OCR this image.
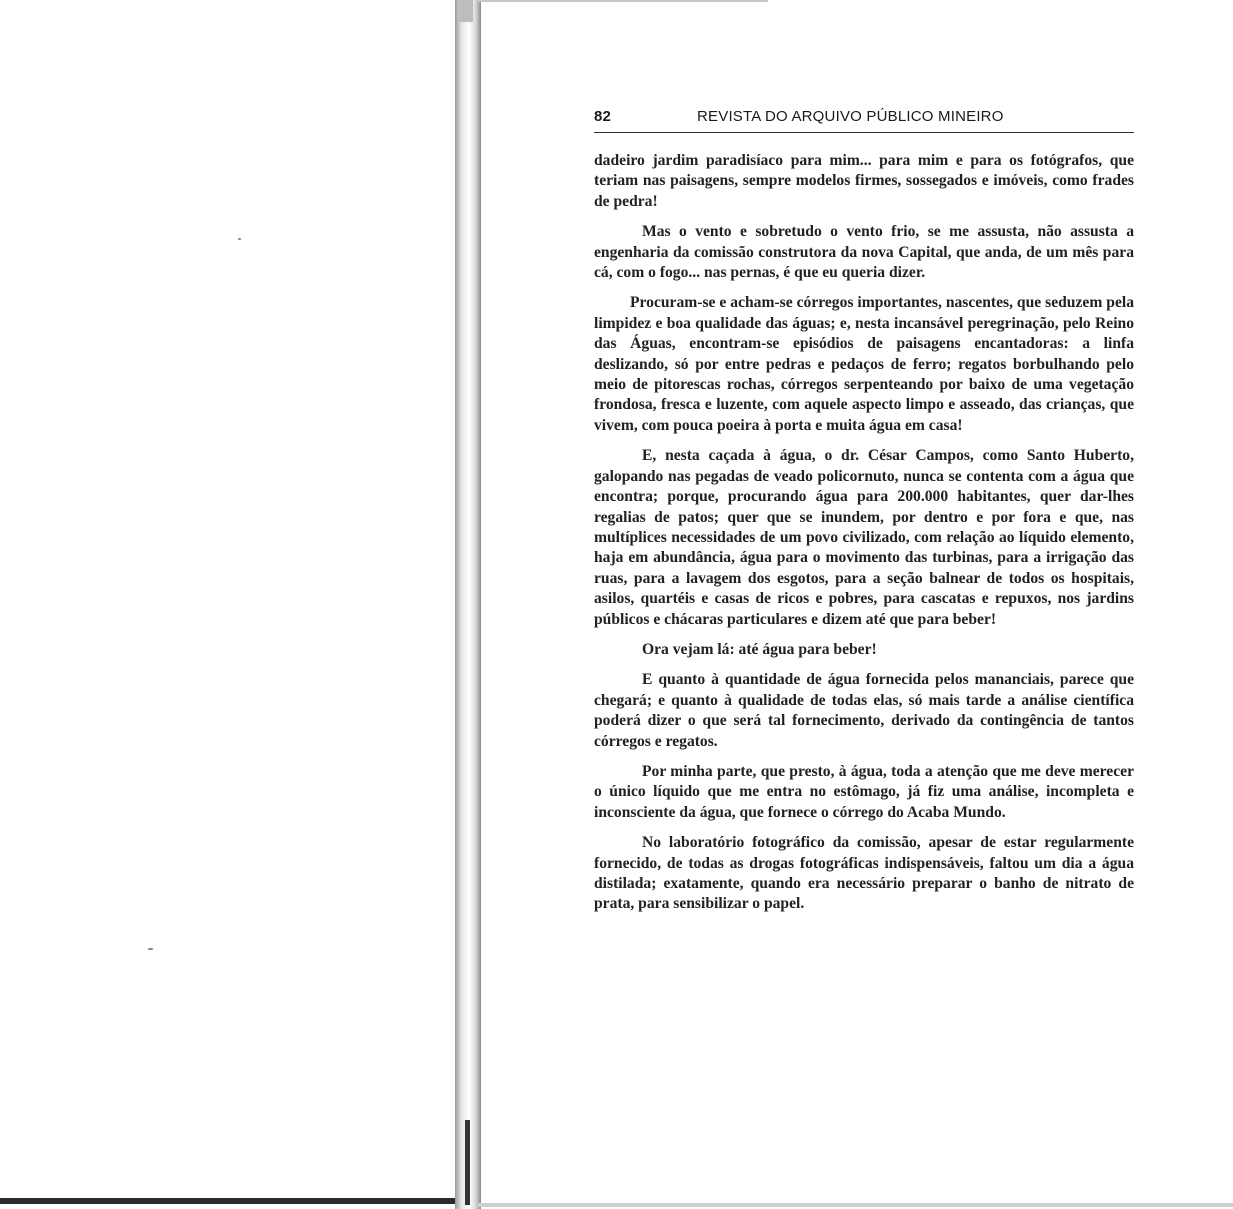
82	REVISTA DO ARQUIVO PÚBLICO MINEIRO

dadeiro jardim paradisíaco para mim... para mim e para os fotógrafos, que teriam nas paisagens, sempre modelos firmes, sossegados e imóveis, como frades de pedra!

Mas o vento e sobretudo o vento frio, se me assusta, não assusta a engenharia da comissão construtora da nova Capital, que anda, de um mês para cá, com o fogo... nas pernas, é que eu queria dizer.

Procuram-se e acham-se córregos importantes, nascentes, que seduzem pela limpidez e boa qualidade das águas; e, nesta incansável peregrinação, pelo Reino das Águas, encontram-se episódios de paisagens encantadoras: a linfa deslizando, só por entre pedras e pedaços de ferro; regatos borbulhando pelo meio de pitorescas rochas, córregos serpenteando por baixo de uma vegetação frondosa, fresca e luzente, com aquele aspecto limpo e asseado, das crianças, que vivem, com pouca poeira à porta e muita água em casa!

E, nesta caçada à água, o dr. César Campos, como Santo Huberto, galopando nas pegadas de veado policornuto, nunca se contenta com a água que encontra; porque, procurando água para 200.000 habitantes, quer dar-lhes regalias de patos; quer que se inundem, por dentro e por fora e que, nas multíplices necessidades de um povo civilizado, com relação ao líquido elemento, haja em abundância, água para o movimento das turbinas, para a irrigação das ruas, para a lavagem dos esgotos, para a seção balnear de todos os hospitais, asilos, quartéis e casas de ricos e pobres, para cascatas e repuxos, nos jardins públicos e chácaras particulares e dizem até que para beber!

Ora vejam lá: até água para beber!

E quanto à quantidade de água fornecida pelos mananciais, parece que chegará; e quanto à qualidade de todas elas, só mais tarde a análise científica poderá dizer o que será tal fornecimento, derivado da contingência de tantos córregos e regatos.

Por minha parte, que presto, à água, toda a atenção que me deve merecer o único líquido que me entra no estômago, já fiz uma análise, incompleta e inconsciente da água, que fornece o córrego do Acaba Mundo.

No laboratório fotográfico da comissão, apesar de estar regularmente fornecido, de todas as drogas fotográficas indispensáveis, faltou um dia a água distilada; exatamente, quando era necessário preparar o banho de nitrato de prata, para sensibilizar o papel.
